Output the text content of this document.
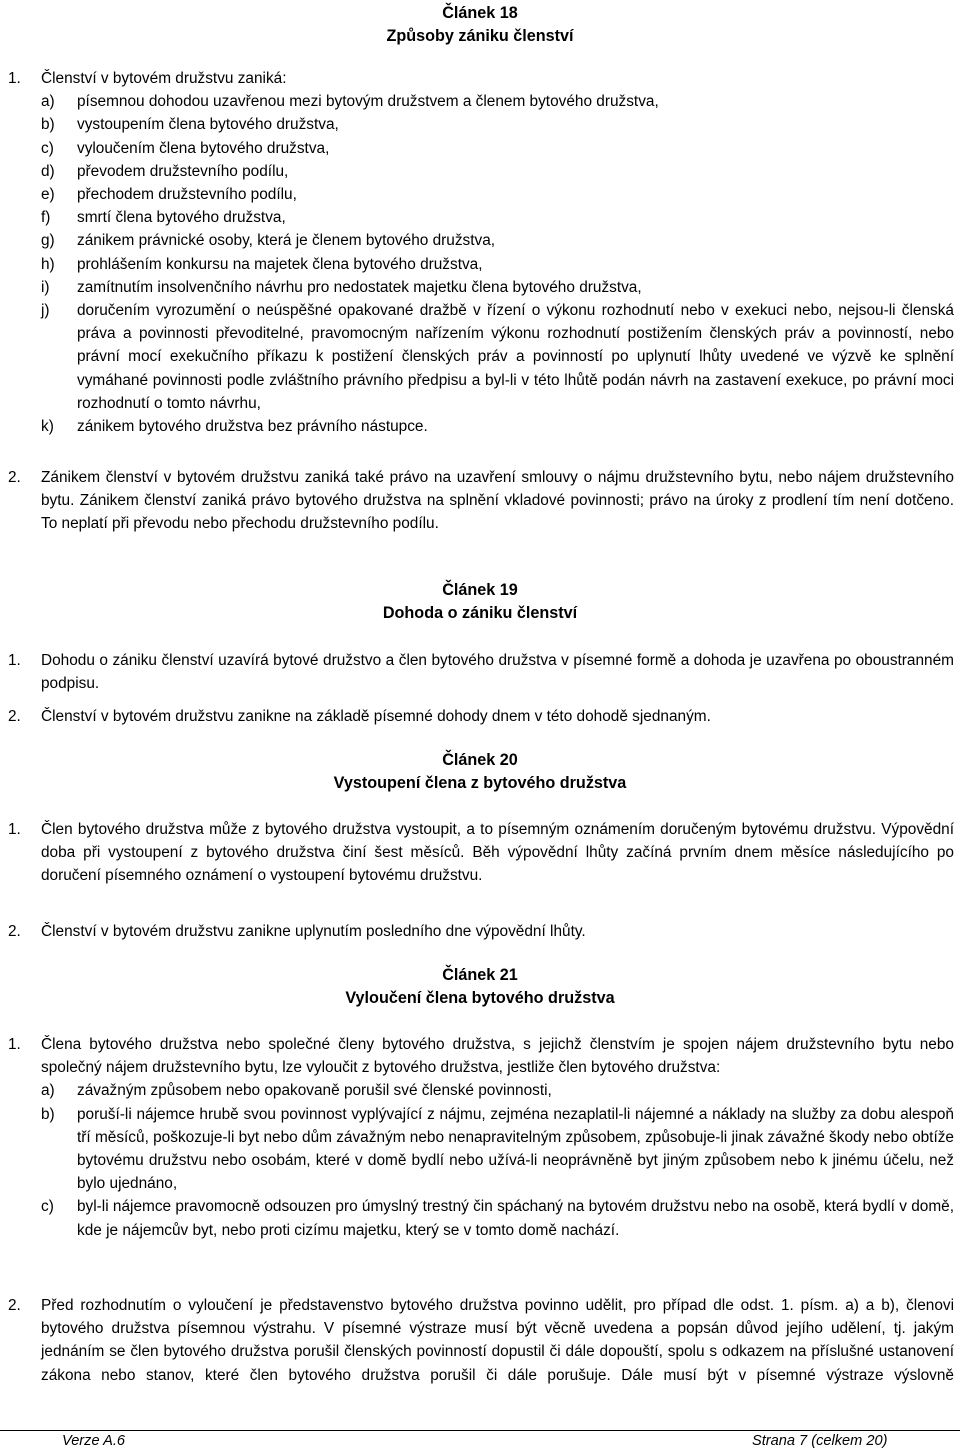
Článek 18
Způsoby zániku členství
1.	Členství v bytovém družstvu zaniká:
a) písemnou dohodou uzavřenou mezi bytovým družstvem a členem bytového družstva,
b) vystoupením člena bytového družstva,
c) vyloučením člena bytového družstva,
d) převodem družstevního podílu,
e) přechodem družstevního podílu,
f) smrtí člena bytového družstva,
g) zánikem právnické osoby, která je členem bytového družstva,
h) prohlášením konkursu na majetek člena bytového družstva,
i) zamítnutím insolvenčního návrhu pro nedostatek majetku člena bytového družstva,
j) doručením vyrozumění o neúspěšné opakované dražbě v řízení o výkonu rozhodnutí nebo v exekuci nebo, nejsou-li členská práva a povinnosti převoditelné, pravomocným nařízením výkonu rozhodnutí postižením členských práv a povinností, nebo právní mocí exekučního příkazu k postižení členských práv a povinností po uplynutí lhůty uvedené ve výzvě ke splnění vymáhané povinnosti podle zvláštního právního předpisu a byl-li v této lhůtě podán návrh na zastavení exekuce, po právní moci rozhodnutí o tomto návrhu,
k) zánikem bytového družstva bez právního nástupce.
2.	Zánikem členství v bytovém družstvu zaniká také právo na uzavření smlouvy o nájmu družstevního bytu, nebo nájem družstevního bytu. Zánikem členství zaniká právo bytového družstva na splnění vkladové povinnosti; právo na úroky z prodlení tím není dotčeno. To neplatí při převodu nebo přechodu družstevního podílu.
Článek 19
Dohoda o zániku členství
1.	Dohodu o zániku členství uzavírá bytové družstvo a člen bytového družstva v písemné formě a dohoda je uzavřena po oboustranném podpisu.
2.	Členství v bytovém družstvu zanikne na základě písemné dohody dnem v této dohodě sjednaným.
Článek 20
Vystoupení člena z bytového družstva
1.	Člen bytového družstva může z bytového družstva vystoupit, a to písemným oznámením doručeným bytovému družstvu. Výpovědní doba při vystoupení z bytového družstva činí šest měsíců. Běh výpovědní lhůty začíná prvním dnem měsíce následujícího po doručení písemného oznámení o vystoupení bytovému družstvu.
2.	Členství v bytovém družstvu zanikne uplynutím posledního dne výpovědní lhůty.
Článek 21
Vyloučení člena bytového družstva
1.	Člena bytového družstva nebo společné členy bytového družstva, s jejichž členstvím je spojen nájem družstevního bytu nebo společný nájem družstevního bytu, lze vyloučit z bytového družstva, jestliže člen bytového družstva:
a) závažným způsobem nebo opakovaně porušil své členské povinnosti,
b) poruší-li nájemce hrubě svou povinnost vyplývající z nájmu, zejména nezaplatil-li nájemné a náklady na služby za dobu alespoň tří měsíců, poškozuje-li byt nebo dům závažným nebo nenapravitelným způsobem, způsobuje-li jinak závažné škody nebo obtíže bytovému družstvu nebo osobám, které v domě bydlí nebo užívá-li neoprávněně byt jiným způsobem nebo k jinému účelu, než bylo ujednáno,
c) byl-li nájemce pravomocně odsouzen pro úmyslný trestný čin spáchaný na bytovém družstvu nebo na osobě, která bydlí v domě, kde je nájemcův byt, nebo proti cizímu majetku, který se v tomto domě nachází.
2.	Před rozhodnutím o vyloučení je představenstvo bytového družstva povinno udělit, pro případ dle odst. 1. písm. a) a b), členovi bytového družstva písemnou výstrahu. V písemné výstraze musí být věcně uvedena a popsán důvod jejího udělení, tj. jakým jednáním se člen bytového družstva porušil členských povinností dopustil či dále dopouští, spolu s odkazem na příslušné ustanovení zákona nebo stanov, které člen bytového družstva porušil či dále porušuje. Dále musí být v písemné výstraze výslovně
Verze A.6	Strana 7 (celkem 20)
